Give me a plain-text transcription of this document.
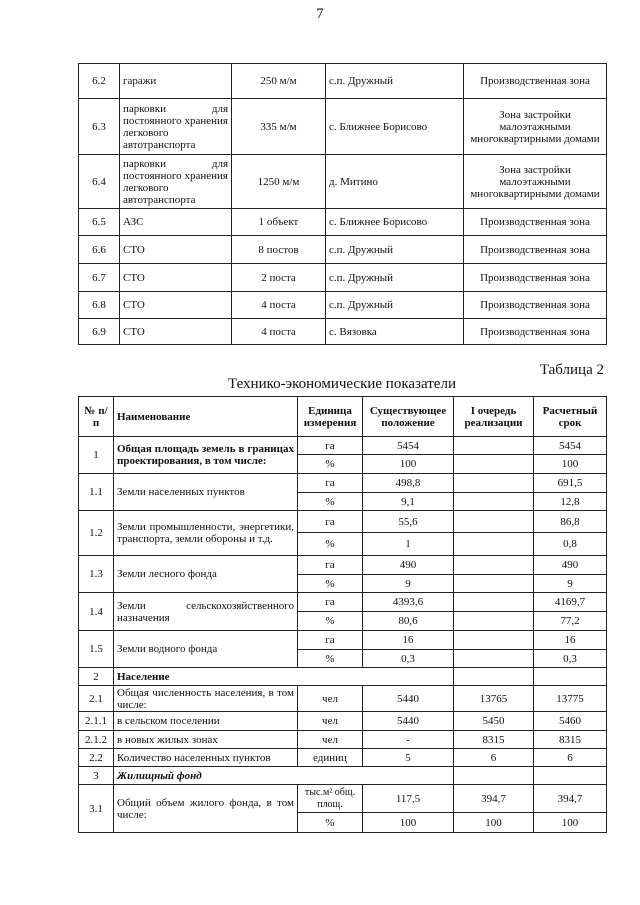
7
6.2	гаражи	250 м/м	с.п. Дружный	Производственная зона
6.3	парковки для постоянного хранения легкового автотранспорта	335 м/м	с. Ближнее Борисово	Зона застройки малоэтажными многоквартирными домами
6.4	парковки для постоянного хранения легкового автотранспорта	1250 м/м	д. Митино	Зона застройки малоэтажными многоквартирными домами
6.5	АЗС	1 объект	с. Ближнее Борисово	Производственная зона
6.6	СТО	8 постов	с.п. Дружный	Производственная зона
6.7	СТО	2 поста	с.п. Дружный	Производственная зона
6.8	СТО	4 поста	с.п. Дружный	Производственная зона
6.9	СТО	4 поста	с. Вязовка	Производственная зона
Таблица 2
Технико-экономические показатели
№ п/п	Наименование	Единица измерения	Существующее положение	I очередь реализации	Расчетный срок
1	Общая площадь земель в границах проектирования, в том числе:	га	5454		5454
		%	100		100
1.1	Земли населенных пунктов	га	498,8		691,5
		%	9,1		12,8
1.2	Земли промышленности, энергетики, транспорта, земли обороны и т.д.	га	55,6		86,8
		%	1		0,8
1.3	Земли лесного фонда	га	490		490
		%	9		9
1.4	Земли сельскохозяйственного назначения	га	4393,6		4169,7
		%	80,6		77,2
1.5	Земли водного фонда	га	16		16
		%	0,3		0,3
2	Население				
2.1	Общая численность населения, в том числе:	чел	5440	13765	13775
2.1.1	в сельском поселении	чел	5440	5450	5460
2.1.2	в новых жилых зонах	чел	-	8315	8315
2.2	Количество населенных пунктов	единиц	5	6	6
3	Жилищный фонд				
3.1	Общий объем жилого фонда, в том числе:	тыс.м² общ. площ.	117,5	394,7	394,7
		%	100	100	100
